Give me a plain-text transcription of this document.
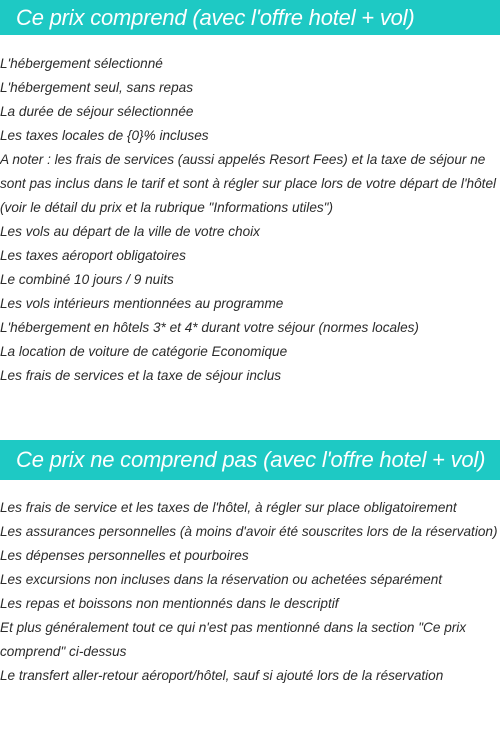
Ce prix comprend (avec l'offre hotel + vol)
L'hébergement sélectionné
L'hébergement seul, sans repas
La durée de séjour sélectionnée
Les taxes locales de {0}% incluses
A noter : les frais de services (aussi appelés Resort Fees) et la taxe de séjour ne sont pas inclus dans le tarif et sont à régler sur place lors de votre départ de l'hôtel (voir le détail du prix et la rubrique "Informations utiles")
Les vols au départ de la ville de votre choix
Les taxes aéroport obligatoires
Le combiné 10 jours / 9 nuits
Les vols intérieurs mentionnées au programme
L'hébergement en hôtels 3* et 4* durant votre séjour (normes locales)
La location de voiture de catégorie Economique
Les frais de services et la taxe de séjour inclus
Ce prix ne comprend pas (avec l'offre hotel + vol)
Les frais de service et les taxes de l'hôtel, à régler sur place obligatoirement
Les assurances personnelles (à moins d'avoir été souscrites lors de la réservation)
Les dépenses personnelles et pourboires
Les excursions non incluses dans la réservation ou achetées séparément
Les repas et boissons non mentionnés dans le descriptif
Et plus généralement tout ce qui n'est pas mentionné dans la section "Ce prix comprend" ci-dessus
Le transfert aller-retour aéroport/hôtel, sauf si ajouté lors de la réservation
